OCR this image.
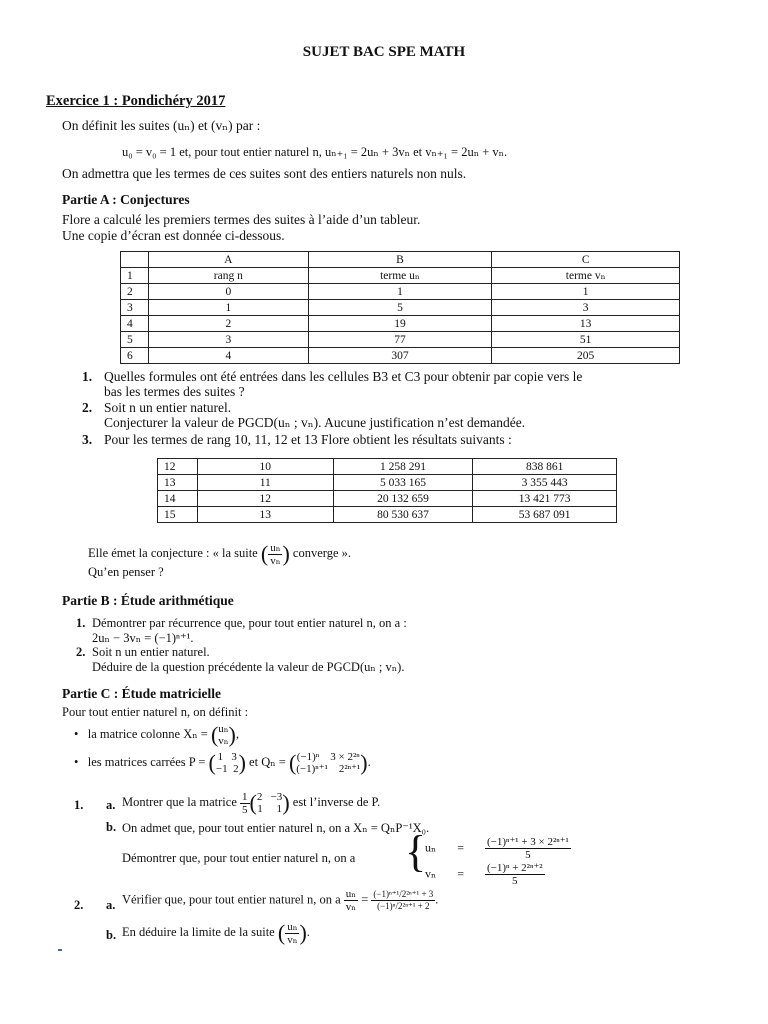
SUJET BAC SPE MATH
Exercice 1 : Pondichéry 2017
On définit les suites (uₙ) et (vₙ) par :
u₀ = v₀ = 1 et, pour tout entier naturel n, uₙ₊₁ = 2uₙ + 3vₙ et vₙ₊₁ = 2uₙ + vₙ.
On admettra que les termes de ces suites sont des entiers naturels non nuls.
Partie A : Conjectures
Flore a calculé les premiers termes des suites à l’aide d’un tableur.
Une copie d’écran est donnée ci-dessous.
	A	B	C
1	rang n	terme uₙ	terme vₙ
2	0	1	1
3	1	5	3
4	2	19	13
5	3	77	51
6	4	307	205
1. Quelles formules ont été entrées dans les cellules B3 et C3 pour obtenir par copie vers le
bas les termes des suites ?
2. Soit n un entier naturel.
Conjecturer la valeur de PGCD(uₙ ; vₙ). Aucune justification n’est demandée.
3. Pour les termes de rang 10, 11, 12 et 13 Flore obtient les résultats suivants :
12	10	1 258 291	838 861
13	11	5 033 165	3 355 443
14	12	20 132 659	13 421 773
15	13	80 530 637	53 687 091
Elle émet la conjecture : « la suite ( $\frac{\text{uₙ}}{\text{vₙ}}$ ) converge ».
Qu’en penser ?
Partie B : Étude arithmétique
1. Démontrer par récurrence que, pour tout entier naturel n, on a :
2uₙ − 3vₙ = (−1)ⁿ⁺¹.
2. Soit n un entier naturel.
Déduire de la question précédente la valeur de PGCD(uₙ ; vₙ).
Partie C : Étude matricielle
Pour tout entier naturel n, on définit :
• la matrice colonne Xₙ = ( uₙ
vₙ ),
• les matrices carrées P = ( 1 3
−1 2 ) et Qₙ = ( (−1)ⁿ 3 × 2²ⁿ
(−1)ⁿ⁺¹ 2²ⁿ⁺¹ ).
1. a. Montrer que la matrice $\frac{1}{5}$ ( 2 −3
1 1 ) est l’inverse de P.
b. On admet que, pour tout entier naturel n, on a Xₙ = QₙP⁻¹X₀.
Démontrer que, pour tout entier naturel n, on a {
$u_n = \frac{\text{(−1)ⁿ⁺¹ + 3 × 2²ⁿ⁺¹}}{5}$
$v_n = \frac{\text{(−1)ⁿ + 2²ⁿ⁺²}}{5}$
2. a. Vérifier que, pour tout entier naturel n, on a $\frac{\text{uₙ}}{\text{vₙ}} = \frac{\text{(−1)ⁿ⁺¹/2²ⁿ⁺¹ + 3}}{\text{(−1)ⁿ/2²ⁿ⁺¹ + 2}}$ .
b. En déduire la limite de la suite ( $\frac{\text{uₙ}}{\text{vₙ}}$ ).
